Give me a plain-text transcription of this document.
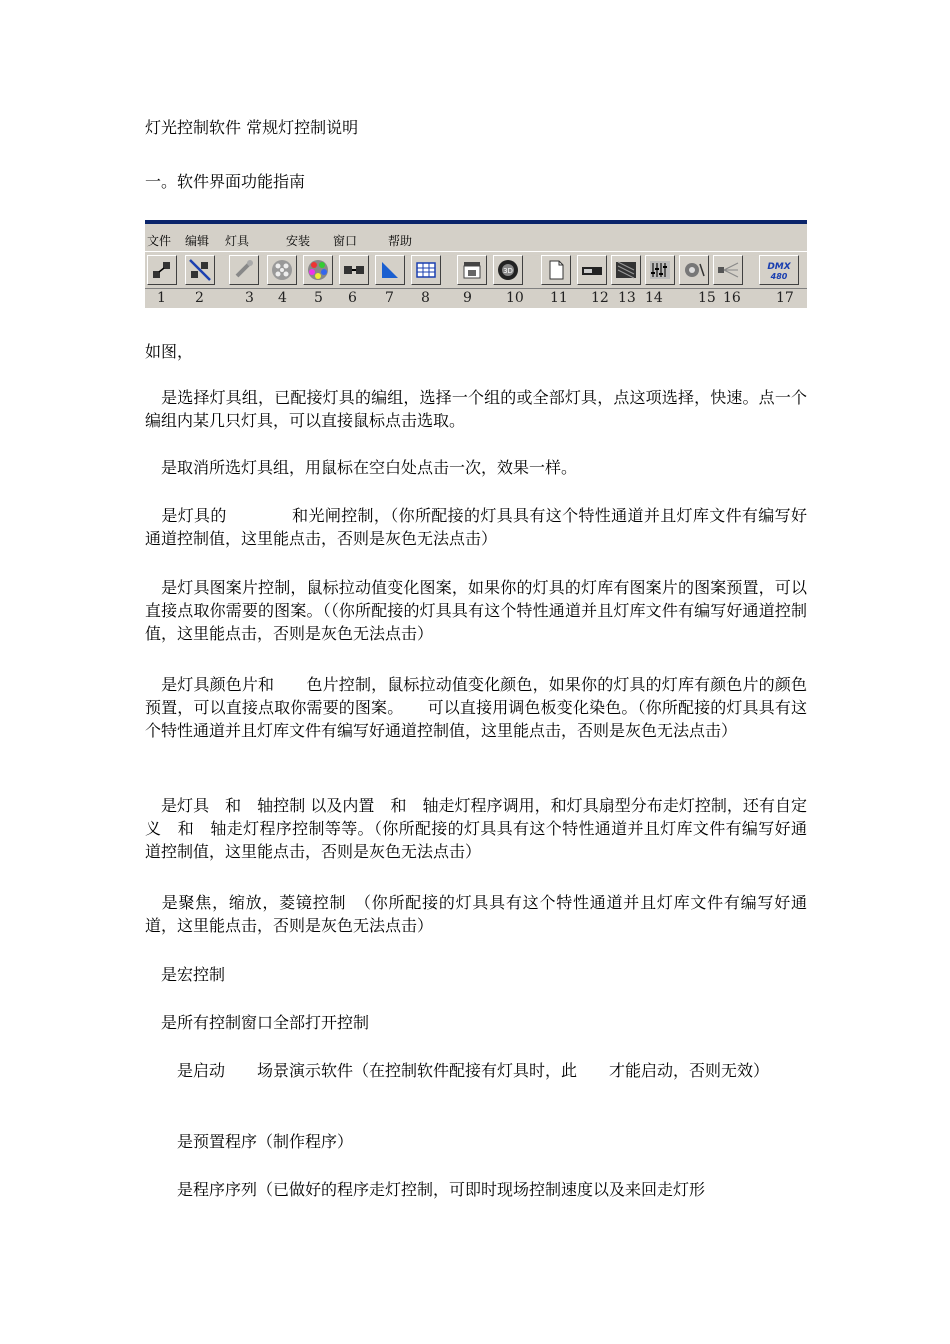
灯光控制软件 常规灯控制说明
一。软件界面功能指南
文件 编辑 灯具	安装 窗口	帮助
3D	DMX
480
1 2	3 4 5 6 7 8 9 10 11 12 13 14	15 16	17
如图，
　是选择灯具组，已配接灯具的编组，选择一个组的或全部灯具，点这项选择，快速。点一个编组内某几只灯具，可以直接鼠标点击选取。
　是取消所选灯具组，用鼠标在空白处点击一次，效果一样。
　是灯具的　　　　和光闸控制，（你所配接的灯具具有这个特性通道并且灯库文件有编写好通道控制值，这里能点击，否则是灰色无法点击）
　是灯具图案片控制，鼠标拉动值变化图案，如果你的灯具的灯库有图案片的图案预置，可以直接点取你需要的图案。（（你所配接的灯具具有这个特性通道并且灯库文件有编写好通道控制值，这里能点击，否则是灰色无法点击）
　是灯具颜色片和　　色片控制，鼠标拉动值变化颜色，如果你的灯具的灯库有颜色片的颜色预置，可以直接点取你需要的图案。　　可以直接用调色板变化染色。（你所配接的灯具具有这个特性通道并且灯库文件有编写好通道控制值，这里能点击，否则是灰色无法点击）
　是灯具　和　轴控制 以及内置　和　轴走灯程序调用，和灯具扇型分布走灯控制，还有自定义　和　轴走灯程序控制等等。（你所配接的灯具具有这个特性通道并且灯库文件有编写好通道控制值，这里能点击，否则是灰色无法点击）
　是聚焦，缩放，菱镜控制　（你所配接的灯具具有这个特性通道并且灯库文件有编写好通道，这里能点击，否则是灰色无法点击）
　是宏控制
　是所有控制窗口全部打开控制
　　是启动　　场景演示软件（在控制软件配接有灯具时，此　　才能启动，否则无效）
　　是预置程序（制作程序）
　　是程序序列（已做好的程序走灯控制，可即时现场控制速度以及来回走灯形
